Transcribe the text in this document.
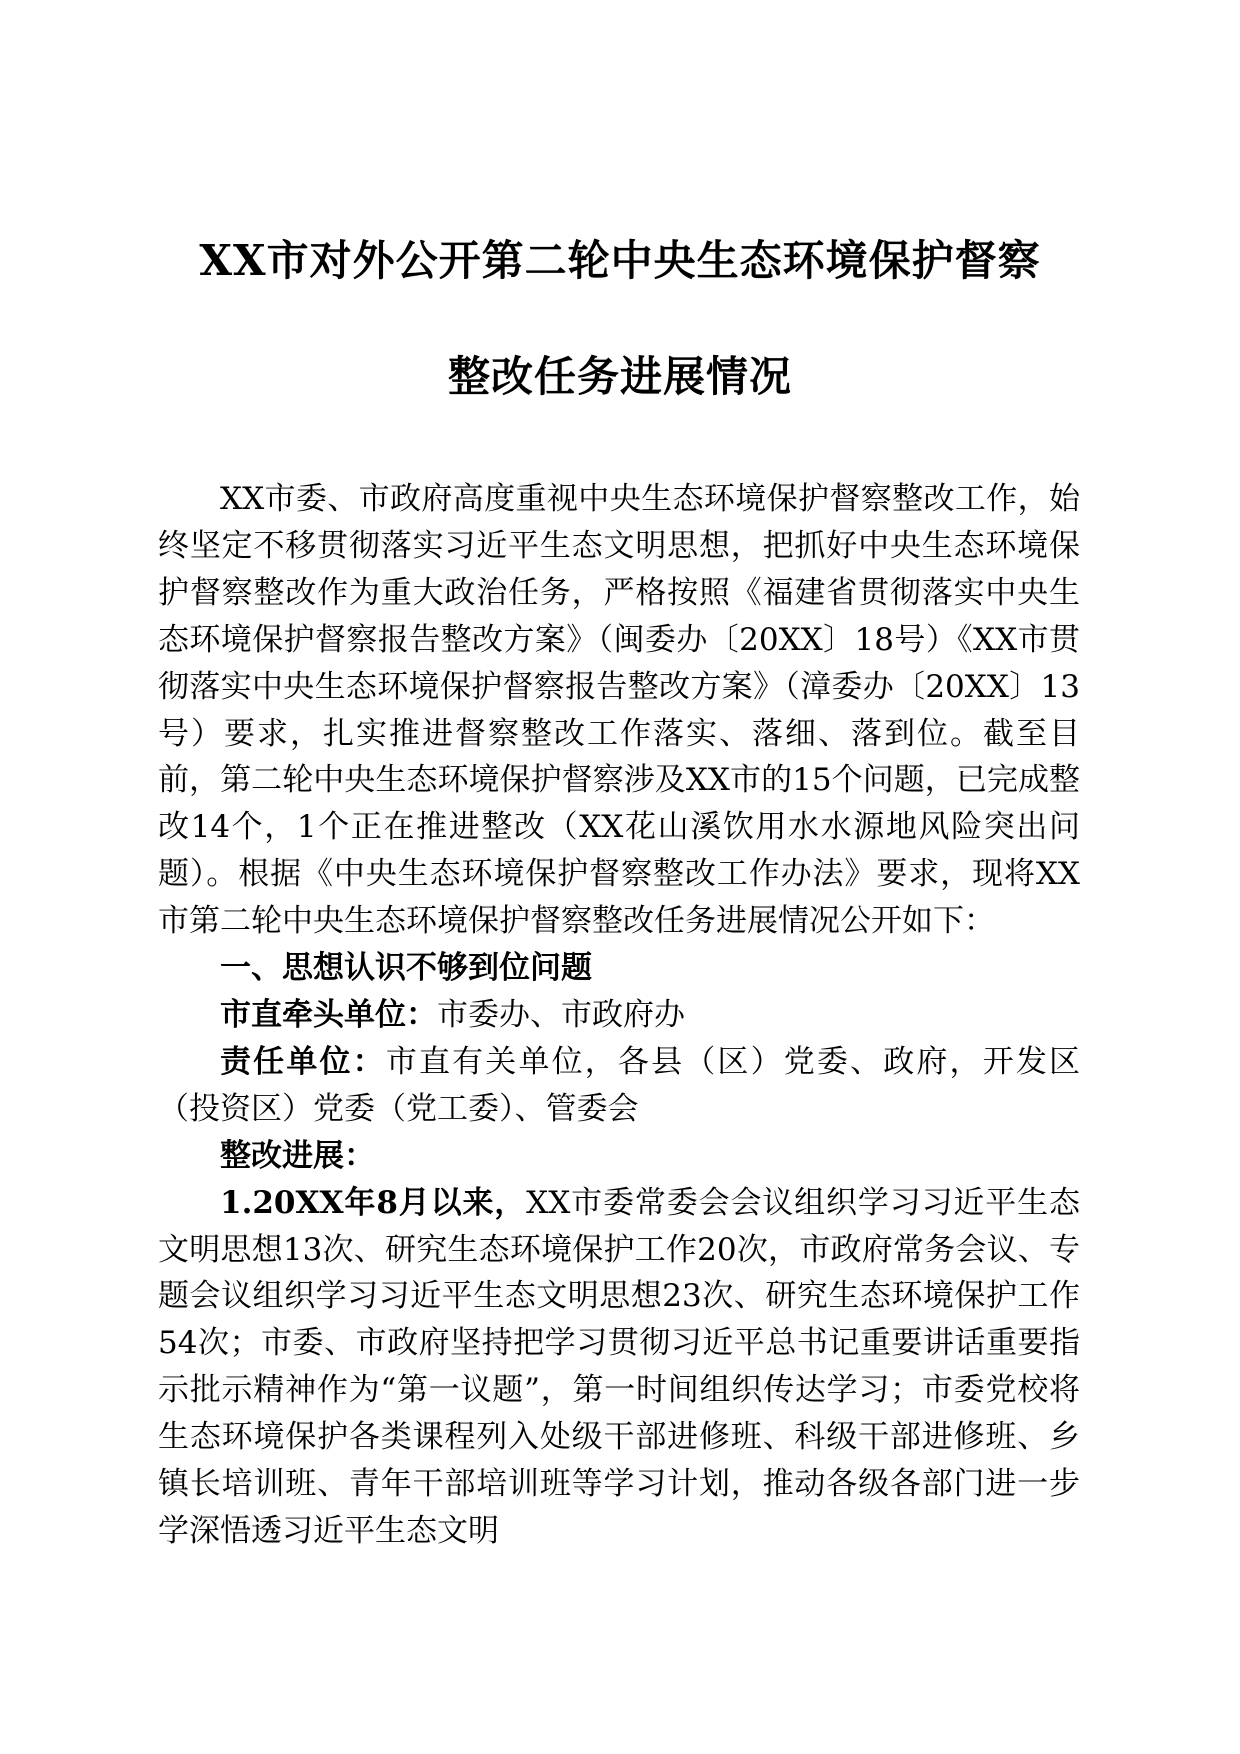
XX市对外公开第二轮中央生态环境保护督察
整改任务进展情况

XX市委、市政府高度重视中央生态环境保护督察整改工作，始终坚定不移贯彻落实习近平生态文明思想，把抓好中央生态环境保护督察整改作为重大政治任务，严格按照《福建省贯彻落实中央生态环境保护督察报告整改方案》（闽委办〔20XX〕18号）《XX市贯彻落实中央生态环境保护督察报告整改方案》（漳委办〔20XX〕13号）要求，扎实推进督察整改工作落实、落细、落到位。截至目前，第二轮中央生态环境保护督察涉及XX市的15个问题，已完成整改14个，1个正在推进整改（XX花山溪饮用水水源地风险突出问题）。根据《中央生态环境保护督察整改工作办法》要求，现将XX市第二轮中央生态环境保护督察整改任务进展情况公开如下：

一、思想认识不够到位问题

市直牵头单位：市委办、市政府办

责任单位：市直有关单位，各县（区）党委、政府，开发区（投资区）党委（党工委）、管委会

整改进展：

1.20XX年8月以来，XX市委常委会会议组织学习习近平生态文明思想13次、研究生态环境保护工作20次，市政府常务会议、专题会议组织学习习近平生态文明思想23次、研究生态环境保护工作54次；市委、市政府坚持把学习贯彻习近平总书记重要讲话重要指示批示精神作为“第一议题”，第一时间组织传达学习；市委党校将生态环境保护各类课程列入处级干部进修班、科级干部进修班、乡镇长培训班、青年干部培训班等学习计划，推动各级各部门进一步学深悟透习近平生态文明
